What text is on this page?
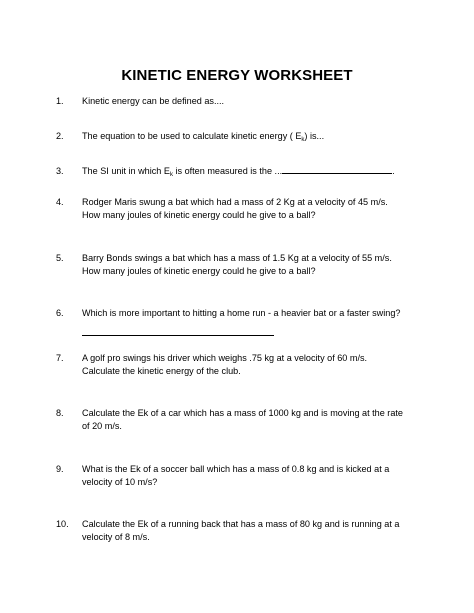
KINETIC ENERGY WORKSHEET
1. Kinetic energy can be defined as....
2. The equation to be used to calculate kinetic energy ( $E_k$) is...
3. The SI unit in which $E_k$ is often measured is the ...	.
4. Rodger Maris swung a bat which had a mass of 2 Kg at a velocity of 45 m/s.
How many joules of kinetic energy could he give to a ball?
5. Barry Bonds swings a bat which has a mass of 1.5 Kg at a velocity of 55 m/s.
How many joules of kinetic energy could he give to a ball?
6. Which is more important to hitting a home run - a heavier bat or a faster swing?
7. A golf pro swings his driver which weighs .75 kg at a velocity of 60 m/s.
Calculate the kinetic energy of the club.
8. Calculate the Ek of a car which has a mass of 1000 kg and is moving at the rate
of 20 m/s.
9. What is the Ek of a soccer ball which has a mass of 0.8 kg and is kicked at a
velocity of 10 m/s?
10. Calculate the Ek of a running back that has a mass of 80 kg and is running at a
velocity of 8 m/s.
